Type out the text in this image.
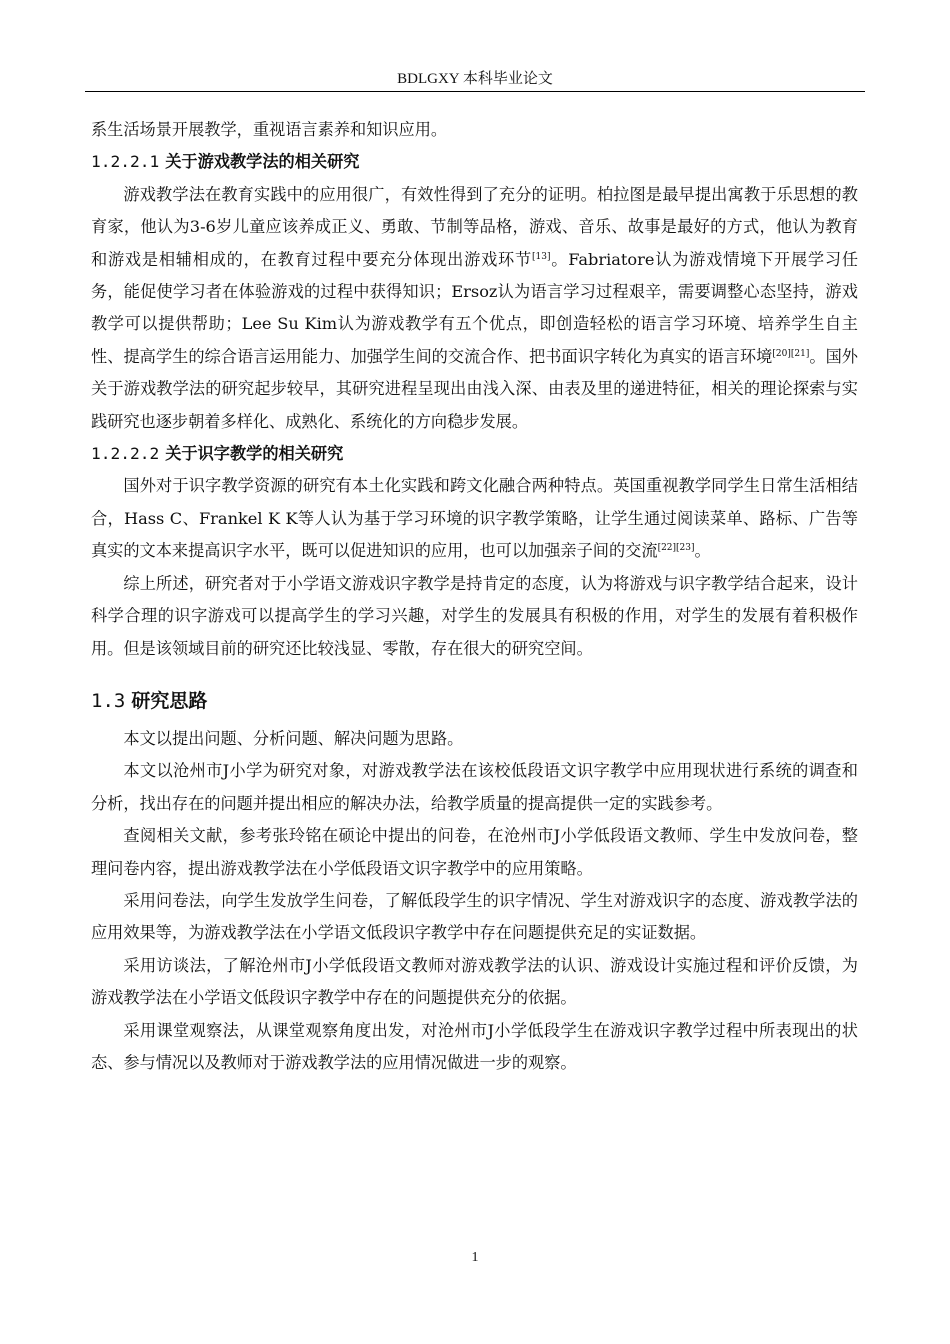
BDLGXY 本科毕业论文

系生活场景开展教学，重视语言素养和知识应用。

1.2.2.1 关于游戏教学法的相关研究

游戏教学法在教育实践中的应用很广，有效性得到了充分的证明。柏拉图是最早提出寓教于乐思想的教育家，他认为3-6岁儿童应该养成正义、勇敢、节制等品格，游戏、音乐、故事是最好的方式，他认为教育和游戏是相辅相成的，在教育过程中要充分体现出游戏环节[13]。Fabriatore认为游戏情境下开展学习任务，能促使学习者在体验游戏的过程中获得知识；Ersoz认为语言学习过程艰辛，需要调整心态坚持，游戏教学可以提供帮助；Lee Su Kim认为游戏教学有五个优点，即创造轻松的语言学习环境、培养学生自主性、提高学生的综合语言运用能力、加强学生间的交流合作、把书面识字转化为真实的语言环境[20][21]。国外关于游戏教学法的研究起步较早，其研究进程呈现出由浅入深、由表及里的递进特征，相关的理论探索与实践研究也逐步朝着多样化、成熟化、系统化的方向稳步发展。

1.2.2.2 关于识字教学的相关研究

国外对于识字教学资源的研究有本土化实践和跨文化融合两种特点。英国重视教学同学生日常生活相结合，Hass C、Frankel K K等人认为基于学习环境的识字教学策略，让学生通过阅读菜单、路标、广告等真实的文本来提高识字水平，既可以促进知识的应用，也可以加强亲子间的交流[22][23]。

综上所述，研究者对于小学语文游戏识字教学是持肯定的态度，认为将游戏与识字教学结合起来，设计科学合理的识字游戏可以提高学生的学习兴趣，对学生的发展具有积极的作用，对学生的发展有着积极作用。但是该领域目前的研究还比较浅显、零散，存在很大的研究空间。

1.3 研究思路

本文以提出问题、分析问题、解决问题为思路。

本文以沧州市J小学为研究对象，对游戏教学法在该校低段语文识字教学中应用现状进行系统的调查和分析，找出存在的问题并提出相应的解决办法，给教学质量的提高提供一定的实践参考。

查阅相关文献，参考张玲铭在硕论中提出的问卷，在沧州市J小学低段语文教师、学生中发放问卷，整理问卷内容，提出游戏教学法在小学低段语文识字教学中的应用策略。

采用问卷法，向学生发放学生问卷，了解低段学生的识字情况、学生对游戏识字的态度、游戏教学法的应用效果等，为游戏教学法在小学语文低段识字教学中存在问题提供充足的实证数据。

采用访谈法，了解沧州市J小学低段语文教师对游戏教学法的认识、游戏设计实施过程和评价反馈，为游戏教学法在小学语文低段识字教学中存在的问题提供充分的依据。

采用课堂观察法，从课堂观察角度出发，对沧州市J小学低段学生在游戏识字教学过程中所表现出的状态、参与情况以及教师对于游戏教学法的应用情况做进一步的观察。

1
